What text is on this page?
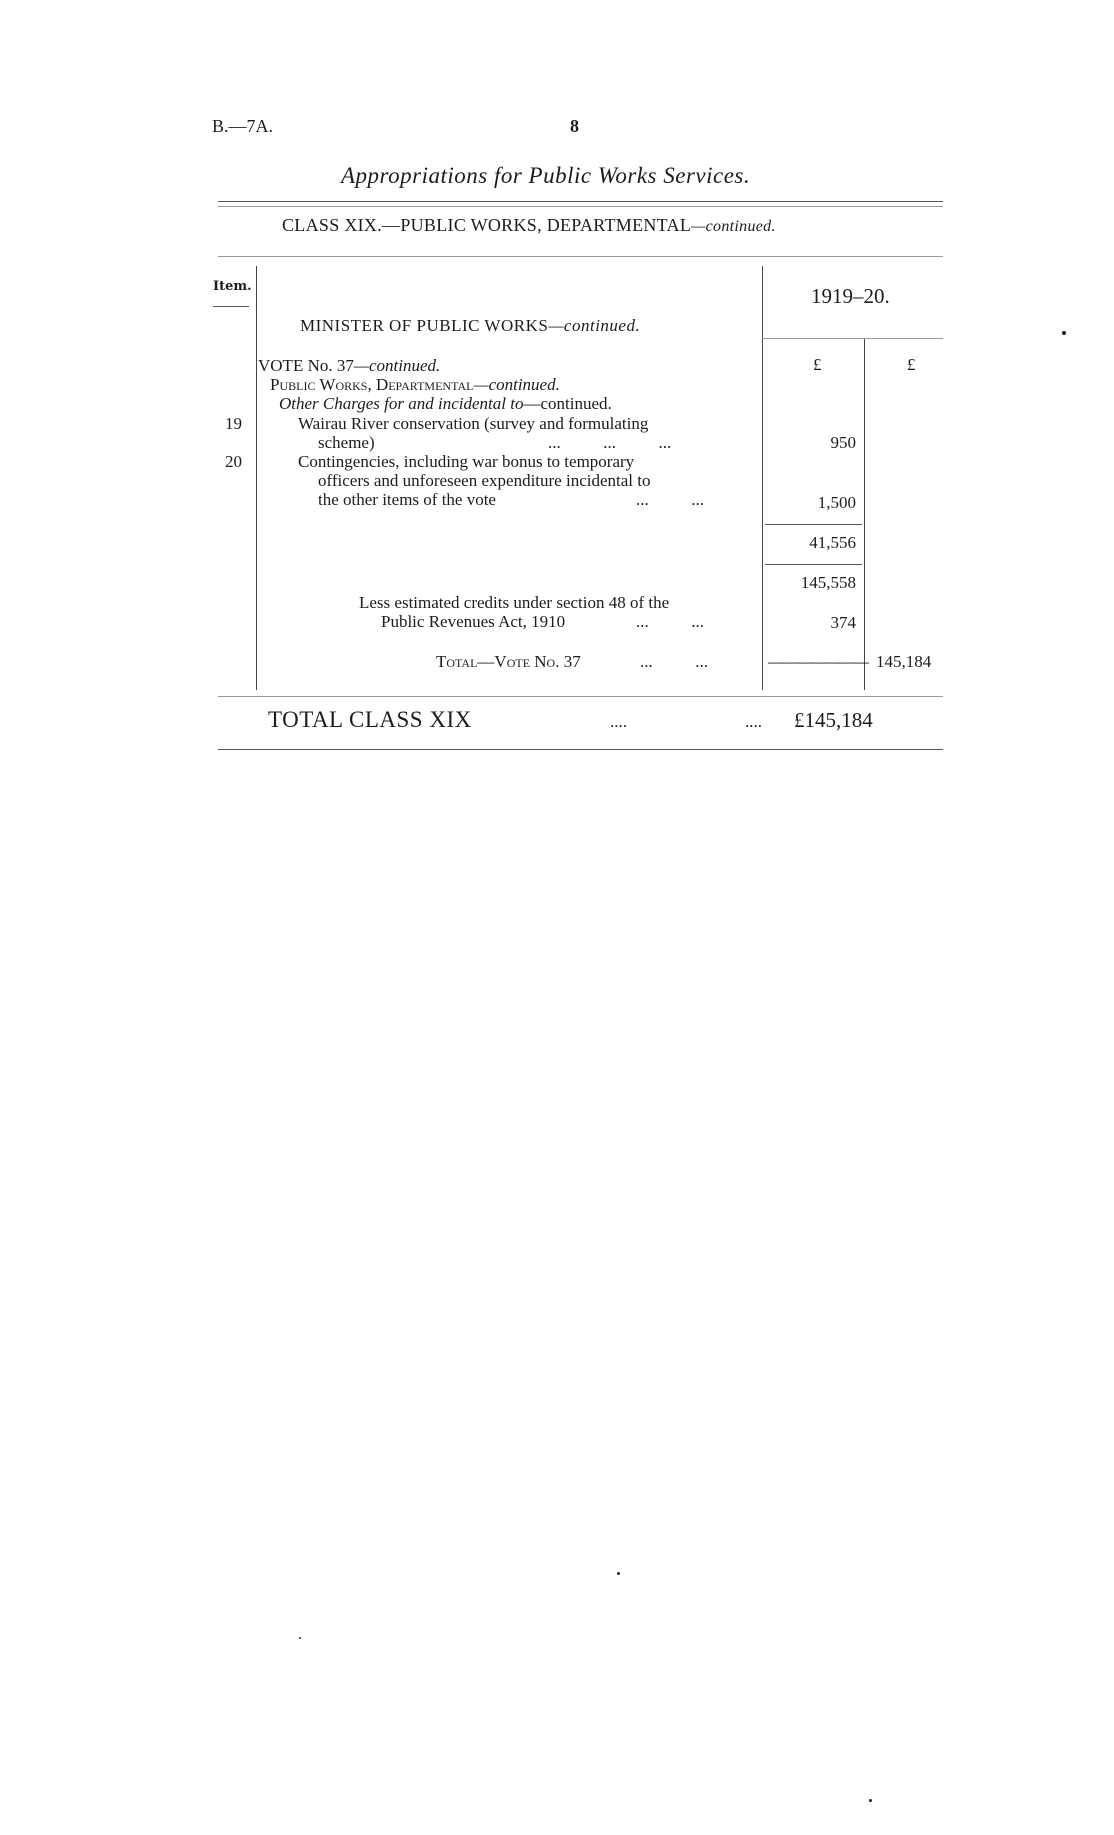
B.—7A.	8
Appropriations for Public Works Services.
CLASS XIX.—PUBLIC WORKS, DEPARTMENTAL—continued.
Item.	1919–20.
MINISTER OF PUBLIC WORKS—continued.
£	£
VOTE No. 37—continued.
Public Works, Departmental—continued.
Other Charges for and incidental to—continued.
19	Wairau River conservation (survey and formulating
scheme)	...          ...          ...	950
20	Contingencies, including war bonus to temporary
officers and unforeseen expenditure incidental to
the other items of the vote	...          ...	1,500
41,556
145,558
Less estimated credits under section 48 of the
Public Revenues Act, 1910	...          ...	374
Total—Vote No. 37	...          ...	——————— 145,184
TOTAL CLASS XIX	....	.... £145,184
